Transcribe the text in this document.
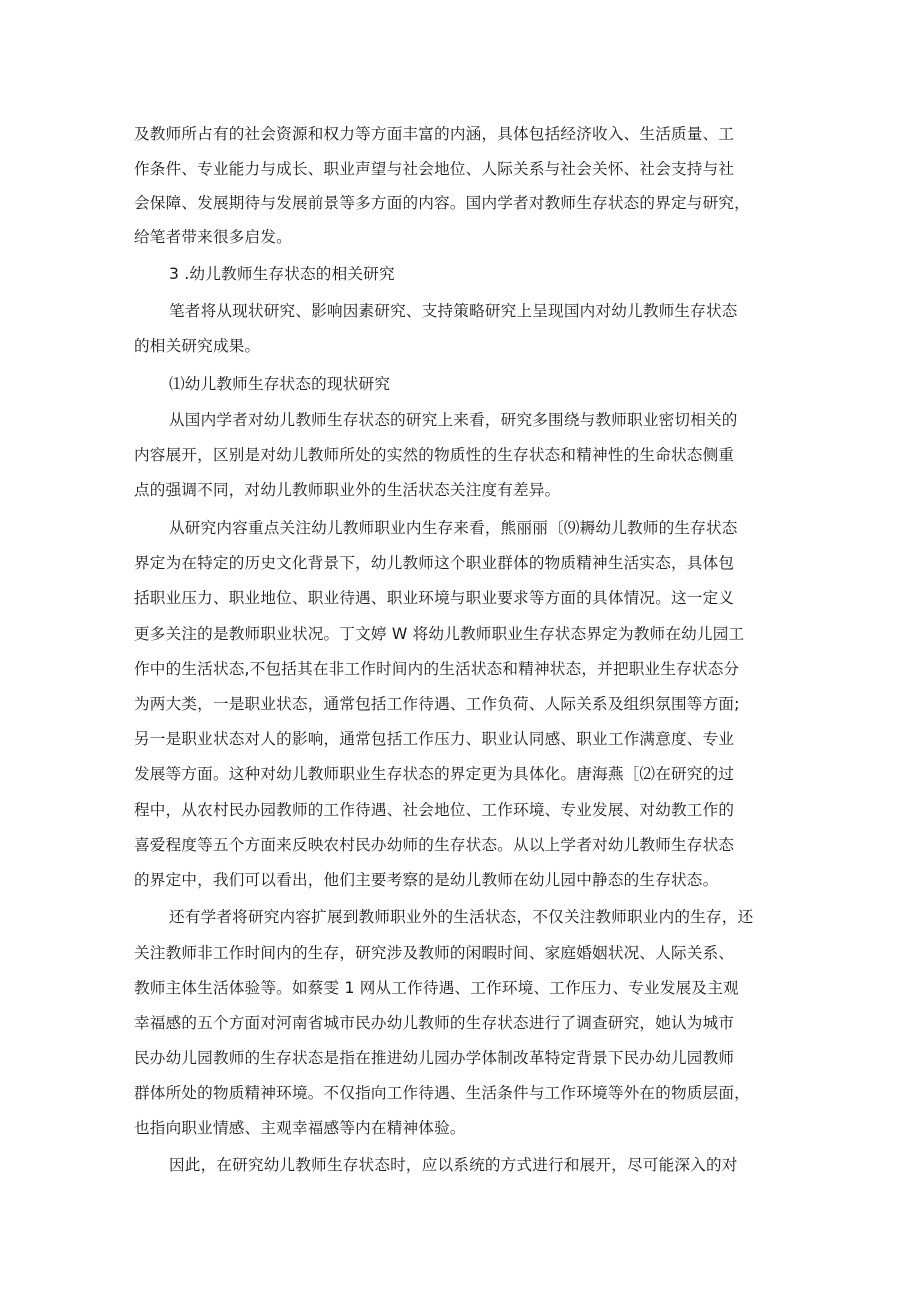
及教师所占有的社会资源和权力等方面丰富的内涵，具体包括经济收入、生活质量、工
作条件、专业能力与成长、职业声望与社会地位、人际关系与社会关怀、社会支持与社
会保障、发展期待与发展前景等多方面的内容。国内学者对教师生存状态的界定与研究，
给笔者带来很多启发。
3 .幼儿教师生存状态的相关研究
笔者将从现状研究、影响因素研究、支持策略研究上呈现国内对幼儿教师生存状态
的相关研究成果。
⑴幼儿教师生存状态的现状研究
从国内学者对幼儿教师生存状态的研究上来看，研究多围绕与教师职业密切相关的
内容展开，区别是对幼儿教师所处的实然的物质性的生存状态和精神性的生命状态侧重
点的强调不同，对幼儿教师职业外的生活状态关注度有差异。
从研究内容重点关注幼儿教师职业内生存来看，熊丽丽〔⑼耨幼儿教师的生存状态
界定为在特定的历史文化背景下，幼儿教师这个职业群体的物质精神生活实态，具体包
括职业压力、职业地位、职业待遇、职业环境与职业要求等方面的具体情况。这一定义
更多关注的是教师职业状况。丁文婷 W 将幼儿教师职业生存状态界定为教师在幼儿园工
作中的生活状态,不包括其在非工作时间内的生活状态和精神状态，并把职业生存状态分
为两大类，一是职业状态，通常包括工作待遇、工作负荷、人际关系及组织氛围等方面;
另一是职业状态对人的影响，通常包括工作压力、职业认同感、职业工作满意度、专业
发展等方面。这种对幼儿教师职业生存状态的界定更为具体化。唐海燕［⑵在研究的过
程中，从农村民办园教师的工作待遇、社会地位、工作环境、专业发展、对幼教工作的
喜爱程度等五个方面来反映农村民办幼师的生存状态。从以上学者对幼儿教师生存状态
的界定中，我们可以看出，他们主要考察的是幼儿教师在幼儿园中静态的生存状态。
还有学者将研究内容扩展到教师职业外的生活状态，不仅关注教师职业内的生存，还
关注教师非工作时间内的生存，研究涉及教师的闲暇时间、家庭婚姻状况、人际关系、
教师主体生活体验等。如蔡雯 1 网从工作待遇、工作环境、工作压力、专业发展及主观
幸福感的五个方面对河南省城市民办幼儿教师的生存状态进行了调查研究，她认为城市
民办幼儿园教师的生存状态是指在推进幼儿园办学体制改革特定背景下民办幼儿园教师
群体所处的物质精神环境。不仅指向工作待遇、生活条件与工作环境等外在的物质层面，
也指向职业情感、主观幸福感等内在精神体验。
因此，在研究幼儿教师生存状态时，应以系统的方式进行和展开，尽可能深入的对
